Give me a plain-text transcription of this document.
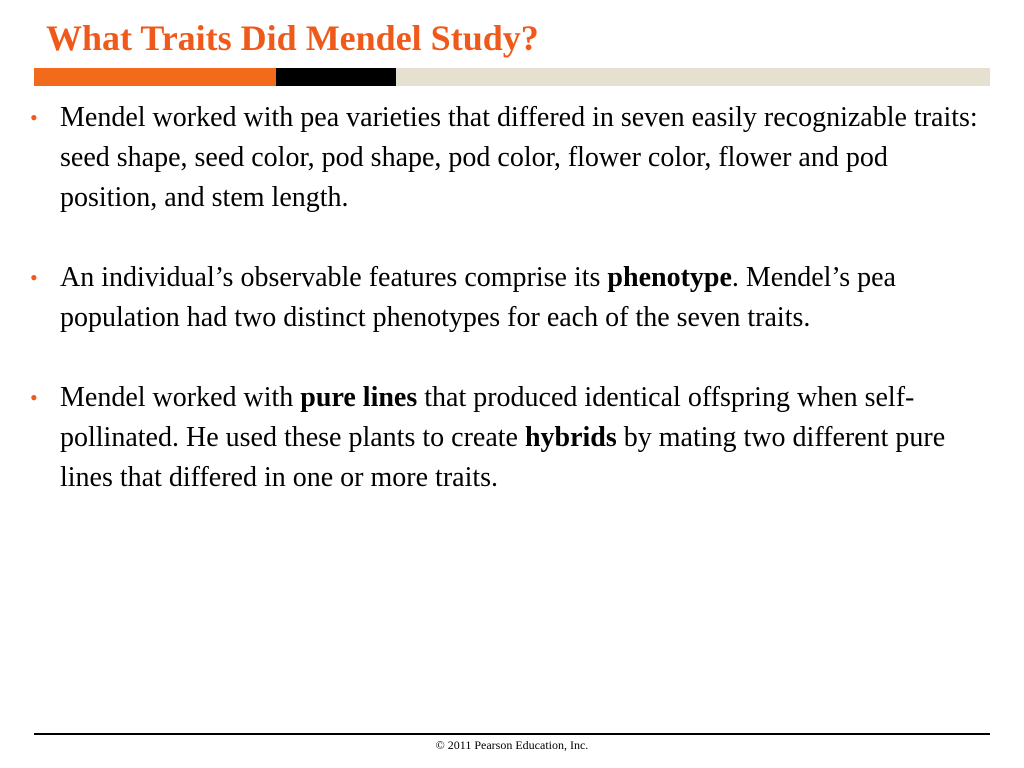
What Traits Did Mendel Study?
• Mendel worked with pea varieties that differed in seven easily recognizable traits: seed shape, seed color, pod shape, pod color, flower color, flower and pod position, and stem length.
• An individual’s observable features comprise its phenotype. Mendel’s pea population had two distinct phenotypes for each of the seven traits.
• Mendel worked with pure lines that produced identical offspring when self-pollinated. He used these plants to create hybrids by mating two different pure lines that differed in one or more traits.
© 2011 Pearson Education, Inc.
